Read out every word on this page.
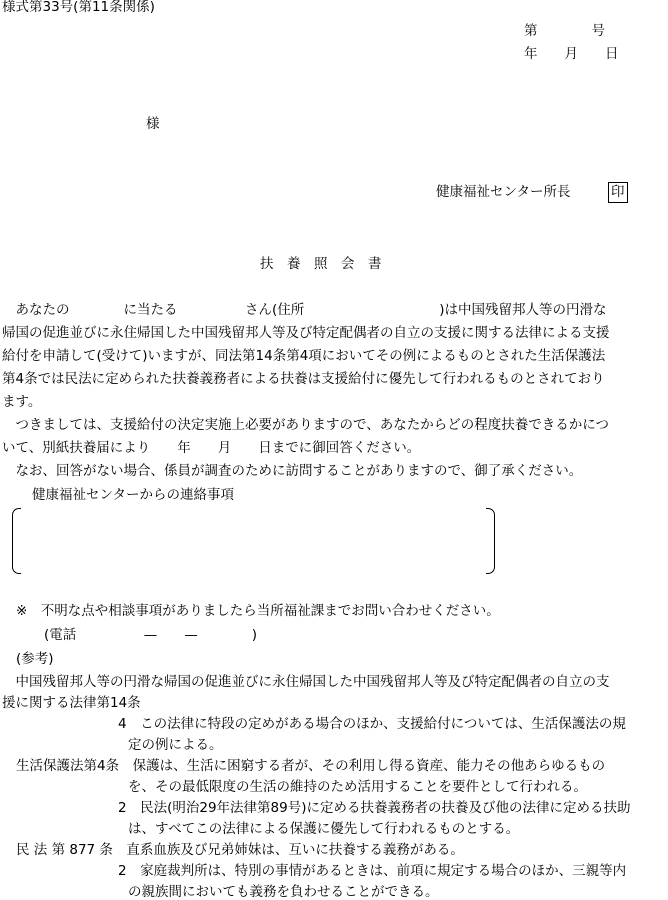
様式第33号(第11条関係)
第　　　　号
年　　月　　日
様
健康福祉センター所長	印
扶　養　照　会　書
　あなたの　　　　に当たる　　　　　さん(住所　　　　　　　　　　)は中国残留邦人等の円滑な
帰国の促進並びに永住帰国した中国残留邦人等及び特定配偶者の自立の支援に関する法律による支援
給付を申請して(受けて)いますが、同法第14条第4項においてその例によるものとされた生活保護法
第4条では民法に定められた扶養義務者による扶養は支援給付に優先して行われるものとされており
ます。
　つきましては、支援給付の決定実施上必要がありますので、あなたからどの程度扶養できるかにつ
いて、別紙扶養届により　　年　　月　　日までに御回答ください。
　なお、回答がない場合、係員が調査のために訪問することがありますので、御了承ください。
健康福祉センターからの連絡事項
※　不明な点や相談事項がありましたら当所福祉課までお問い合わせください。
(電話　　　　　—　　—　　　　)
(参考)
　中国残留邦人等の円滑な帰国の促進並びに永住帰国した中国残留邦人等及び特定配偶者の自立の支
援に関する法律第14条
4　この法律に特段の定めがある場合のほか、支援給付については、生活保護法の規
定の例による。
生活保護法第4条　保護は、生活に困窮する者が、その利用し得る資産、能力その他あらゆるもの
を、その最低限度の生活の維持のため活用することを要件として行われる。
2　民法(明治29年法律第89号)に定める扶養義務者の扶養及び他の法律に定める扶助
は、すべてこの法律による保護に優先して行われるものとする。
民 法 第 877 条　直系血族及び兄弟姉妹は、互いに扶養する義務がある。
2　家庭裁判所は、特別の事情があるときは、前項に規定する場合のほか、三親等内
の親族間においても義務を負わせることができる。
